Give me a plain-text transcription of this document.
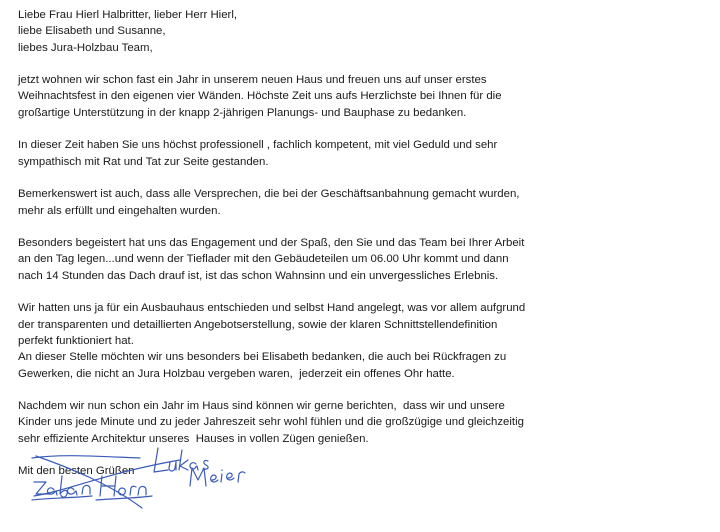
Liebe Frau Hierl Halbritter, lieber Herr Hierl,
liebe Elisabeth und Susanne,
liebes Jura-Holzbau Team,
jetzt wohnen wir schon fast ein Jahr in unserem neuen Haus und freuen uns auf unser erstes
Weihnachtsfest in den eigenen vier Wänden. Höchste Zeit uns aufs Herzlichste bei Ihnen für die
großartige Unterstützung in der knapp 2-jährigen Planungs- und Bauphase zu bedanken.
In dieser Zeit haben Sie uns höchst professionell , fachlich kompetent, mit viel Geduld und sehr
sympathisch mit Rat und Tat zur Seite gestanden.
Bemerkenswert ist auch, dass alle Versprechen, die bei der Geschäftsanbahnung gemacht wurden,
mehr als erfüllt und eingehalten wurden.
Besonders begeistert hat uns das Engagement und der Spaß, den Sie und das Team bei Ihrer Arbeit
an den Tag legen...und wenn der Tieflader mit den Gebäudeteilen um 06.00 Uhr kommt und dann
nach 14 Stunden das Dach drauf ist, ist das schon Wahnsinn und ein unvergessliches Erlebnis.
Wir hatten uns ja für ein Ausbauhaus entschieden und selbst Hand angelegt, was vor allem aufgrund
der transparenten und detaillierten Angebotserstellung, sowie der klaren Schnittstellendefinition
perfekt funktioniert hat.
An dieser Stelle möchten wir uns besonders bei Elisabeth bedanken, die auch bei Rückfragen zu
Gewerken, die nicht an Jura Holzbau vergeben waren,  jederzeit ein offenes Ohr hatte.
Nachdem wir nun schon ein Jahr im Haus sind können wir gerne berichten,  dass wir und unsere
Kinder uns jede Minute und zu jeder Jahreszeit sehr wohl fühlen und die großzügige und gleichzeitig
sehr effiziente Architektur unseres  Hauses in vollen Zügen genießen.
Mit den besten Grüßen
